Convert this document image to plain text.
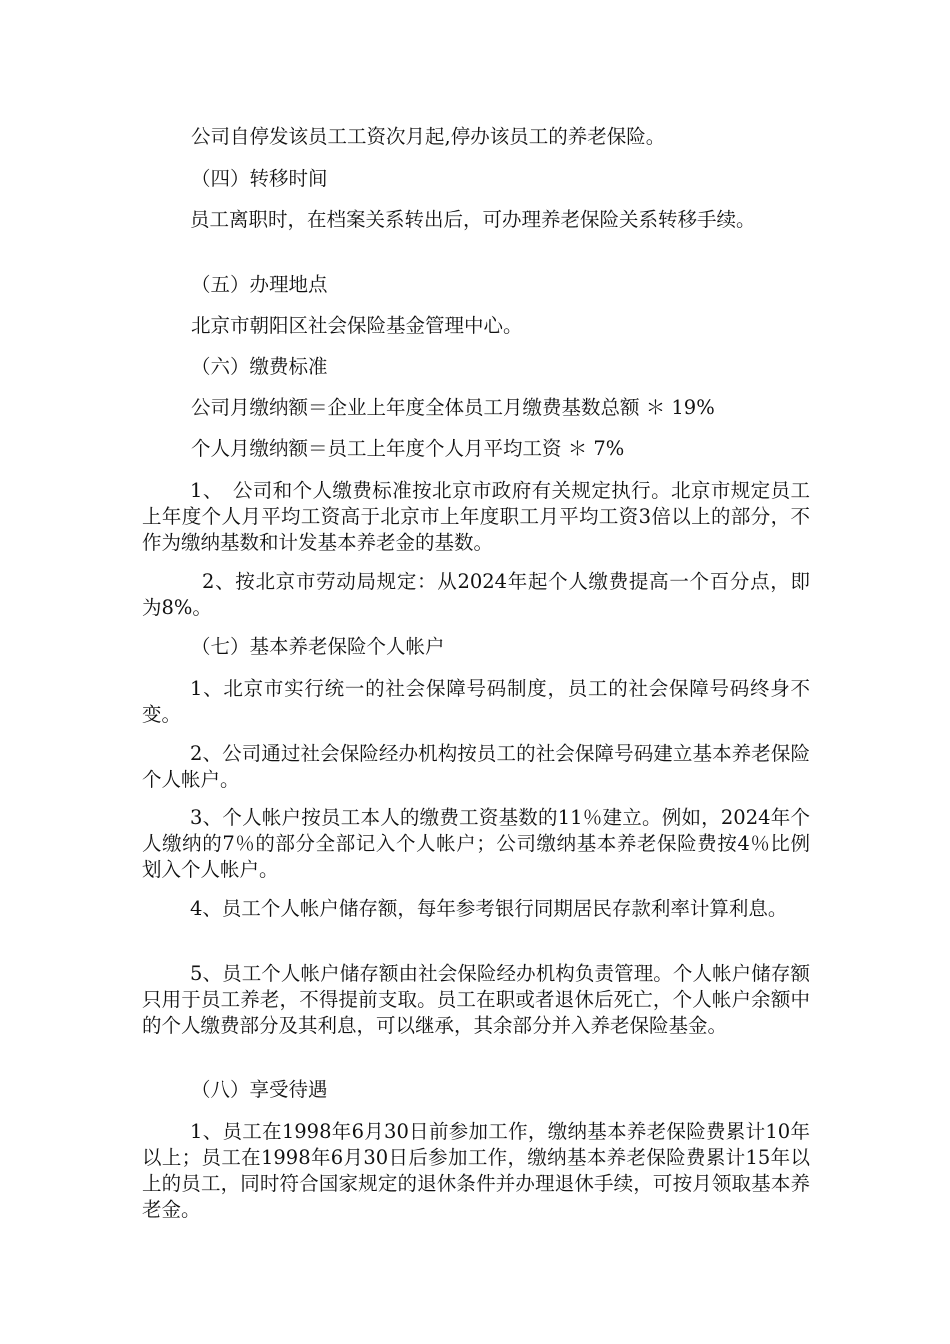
公司自停发该员工工资次月起,停办该员工的养老保险。
（四）转移时间
员工离职时，在档案关系转出后，可办理养老保险关系转移手续。
（五）办理地点
北京市朝阳区社会保险基金管理中心。
（六）缴费标准
公司月缴纳额＝企业上年度全体员工月缴费基数总额 ＊ 19%
个人月缴纳额＝员工上年度个人月平均工资 ＊ 7%
1、　公司和个人缴费标准按北京市政府有关规定执行。北京市规定员工上年度个人月平均工资高于北京市上年度职工月平均工资3倍以上的部分，不作为缴纳基数和计发基本养老金的基数。
2、按北京市劳动局规定：从2024年起个人缴费提高一个百分点，即为8%。
（七）基本养老保险个人帐户
1、北京市实行统一的社会保障号码制度，员工的社会保障号码终身不变。
2、公司通过社会保险经办机构按员工的社会保障号码建立基本养老保险个人帐户。
3、个人帐户按员工本人的缴费工资基数的11％建立。例如，2024年个人缴纳的7％的部分全部记入个人帐户；公司缴纳基本养老保险费按4％比例划入个人帐户。
4、员工个人帐户储存额，每年参考银行同期居民存款利率计算利息。
5、员工个人帐户储存额由社会保险经办机构负责管理。个人帐户储存额只用于员工养老，不得提前支取。员工在职或者退休后死亡，个人帐户余额中的个人缴费部分及其利息，可以继承，其余部分并入养老保险基金。
（八）享受待遇
1、员工在1998年6月30日前参加工作，缴纳基本养老保险费累计10年以上；员工在1998年6月30日后参加工作，缴纳基本养老保险费累计15年以上的员工，同时符合国家规定的退休条件并办理退休手续，可按月领取基本养老金。
